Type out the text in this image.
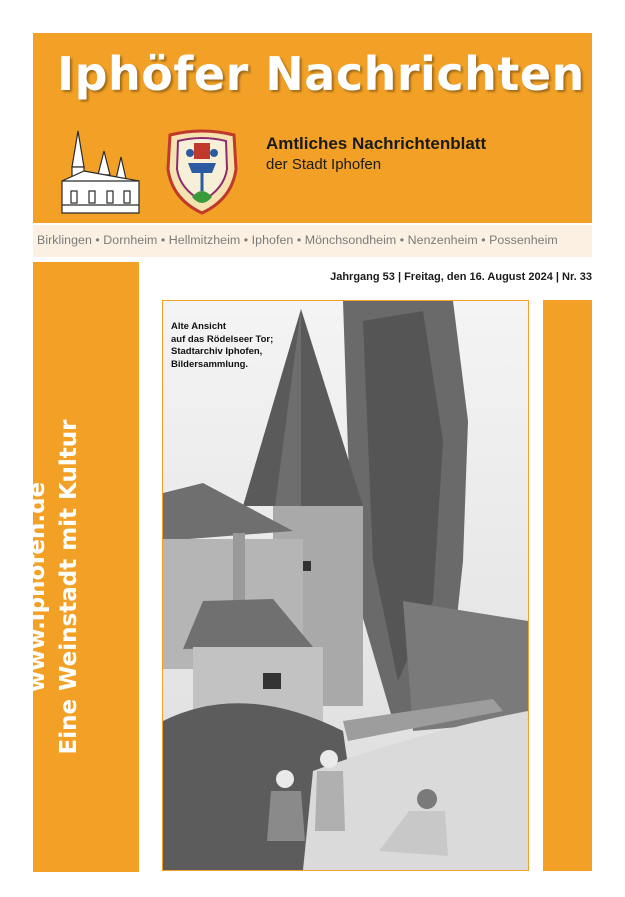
Iphöfer Nachrichten
Amtliches Nachrichtenblatt
der Stadt Iphofen
Birklingen • Dornheim • Hellmitzheim • Iphofen • Mönchsondheim • Nenzenheim • Possenheim
www.iphofen.de Eine Weinstadt mit Kultur
Jahrgang 53 | Freitag, den 16. August 2024 | Nr. 33
Alte Ansicht
auf das Rödelseer Tor;
Stadtarchiv Iphofen,
Bildersammlung.
